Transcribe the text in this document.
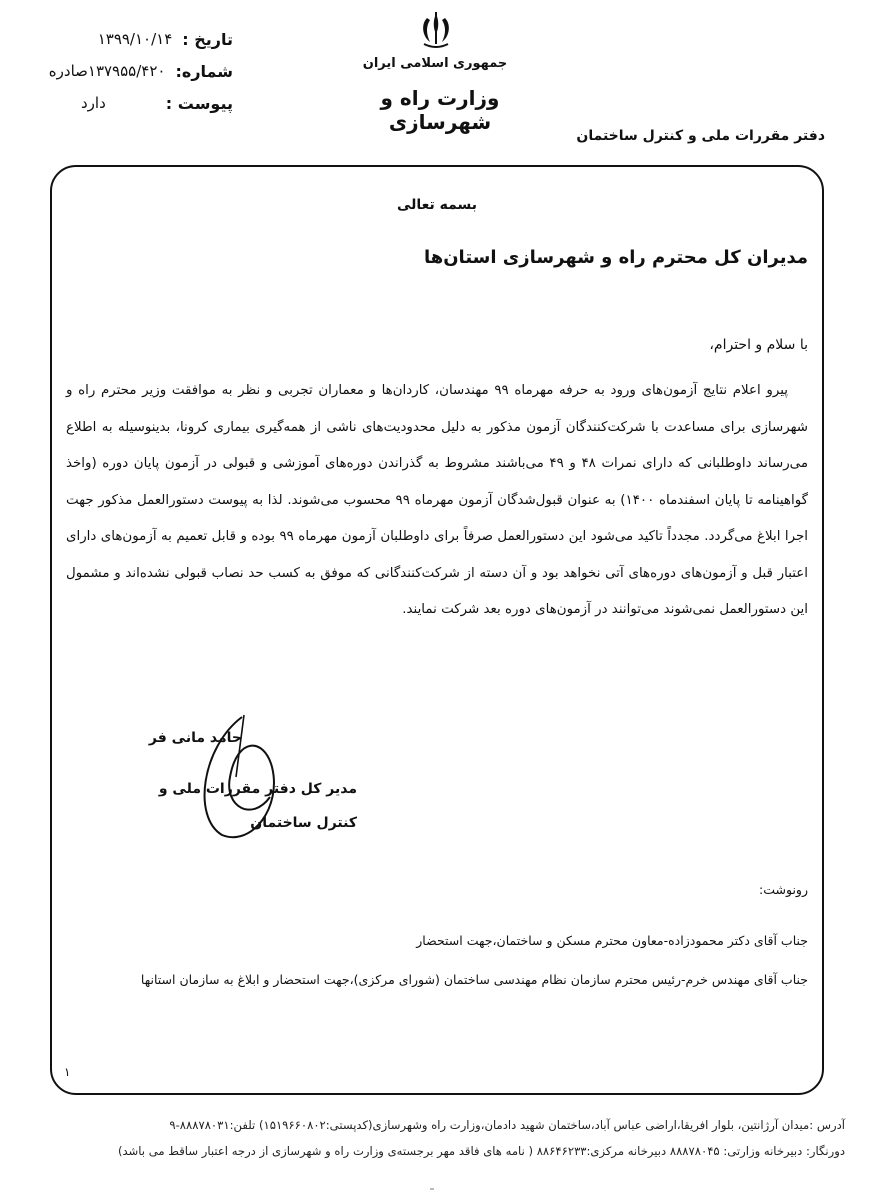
تاریخ :
۱۳۹۹/۱۰/۱۴
شماره:
۱۳۷۹۵۵/۴۲۰صادره
پیوست :
دارد
جمهوری اسلامی ایران
وزارت راه و شهرسازی
دفتر مقررات ملی و کنترل ساختمان
بسمه تعالی
مدیران کل محترم راه و شهرسازی استان‌ها
با سلام و احترام،
پیرو اعلام نتایج آزمون‌های ورود به حرفه مهرماه ۹۹ مهندسان، کاردان‌ها و معماران تجربی و نظر به موافقت وزیر محترم راه و شهرسازی برای مساعدت با شرکت‌کنندگان آزمون مذکور به دلیل محدودیت‌های ناشی از همه‌گیری بیماری کرونا، بدینوسیله به اطلاع می‌رساند داوطلبانی که دارای نمرات ۴۸ و ۴۹ می‌باشند مشروط به گذراندن دوره‌های آموزشی و قبولی در آزمون پایان دوره (واخذ گواهینامه تا پایان اسفندماه ۱۴۰۰) به عنوان قبول‌شدگان آزمون مهرماه ۹۹ محسوب می‌شوند. لذا به پیوست دستورالعمل مذکور جهت اجرا ابلاغ می‌گردد. مجدداً تاکید می‌شود این دستورالعمل صرفاً برای داوطلبان آزمون مهرماه ۹۹ بوده و قابل تعمیم به آزمون‌های دارای اعتبار قبل و آزمون‌های دوره‌های آتی نخواهد بود و آن دسته از شرکت‌کنندگانی که موفق به کسب حد نصاب قبولی نشده‌اند و مشمول این دستورالعمل نمی‌شوند می‌توانند در آزمون‌های دوره بعد شرکت نمایند.
حامد مانی فر
مدیر کل دفتر مقررات ملی و کنترل ساختمان
رونوشت:
جناب آقای دکتر محمودزاده-معاون محترم مسکن و ساختمان،جهت استحضار
جناب آقای مهندس خرم-رئیس محترم سازمان نظام مهندسی ساختمان (شورای مرکزی)،جهت استحضار و ابلاغ به سازمان استانها
۱
آدرس :میدان آرژانتین، بلوار افریقا،اراضی عباس آباد،ساختمان شهید دادمان،وزارت راه وشهرسازی(کدپستی:۱۵۱۹۶۶۰۸۰۲) تلفن:۸۸۸۷۸۰۳۱-۹
دورنگار: دبیرخانه وزارتی: ۸۸۸۷۸۰۴۵ دبیرخانه مرکزی:۸۸۶۴۶۲۳۳ ( نامه های فاقد مهر برجسته‌ی وزارت راه و شهرسازی از درجه اعتبار ساقط می باشد)
